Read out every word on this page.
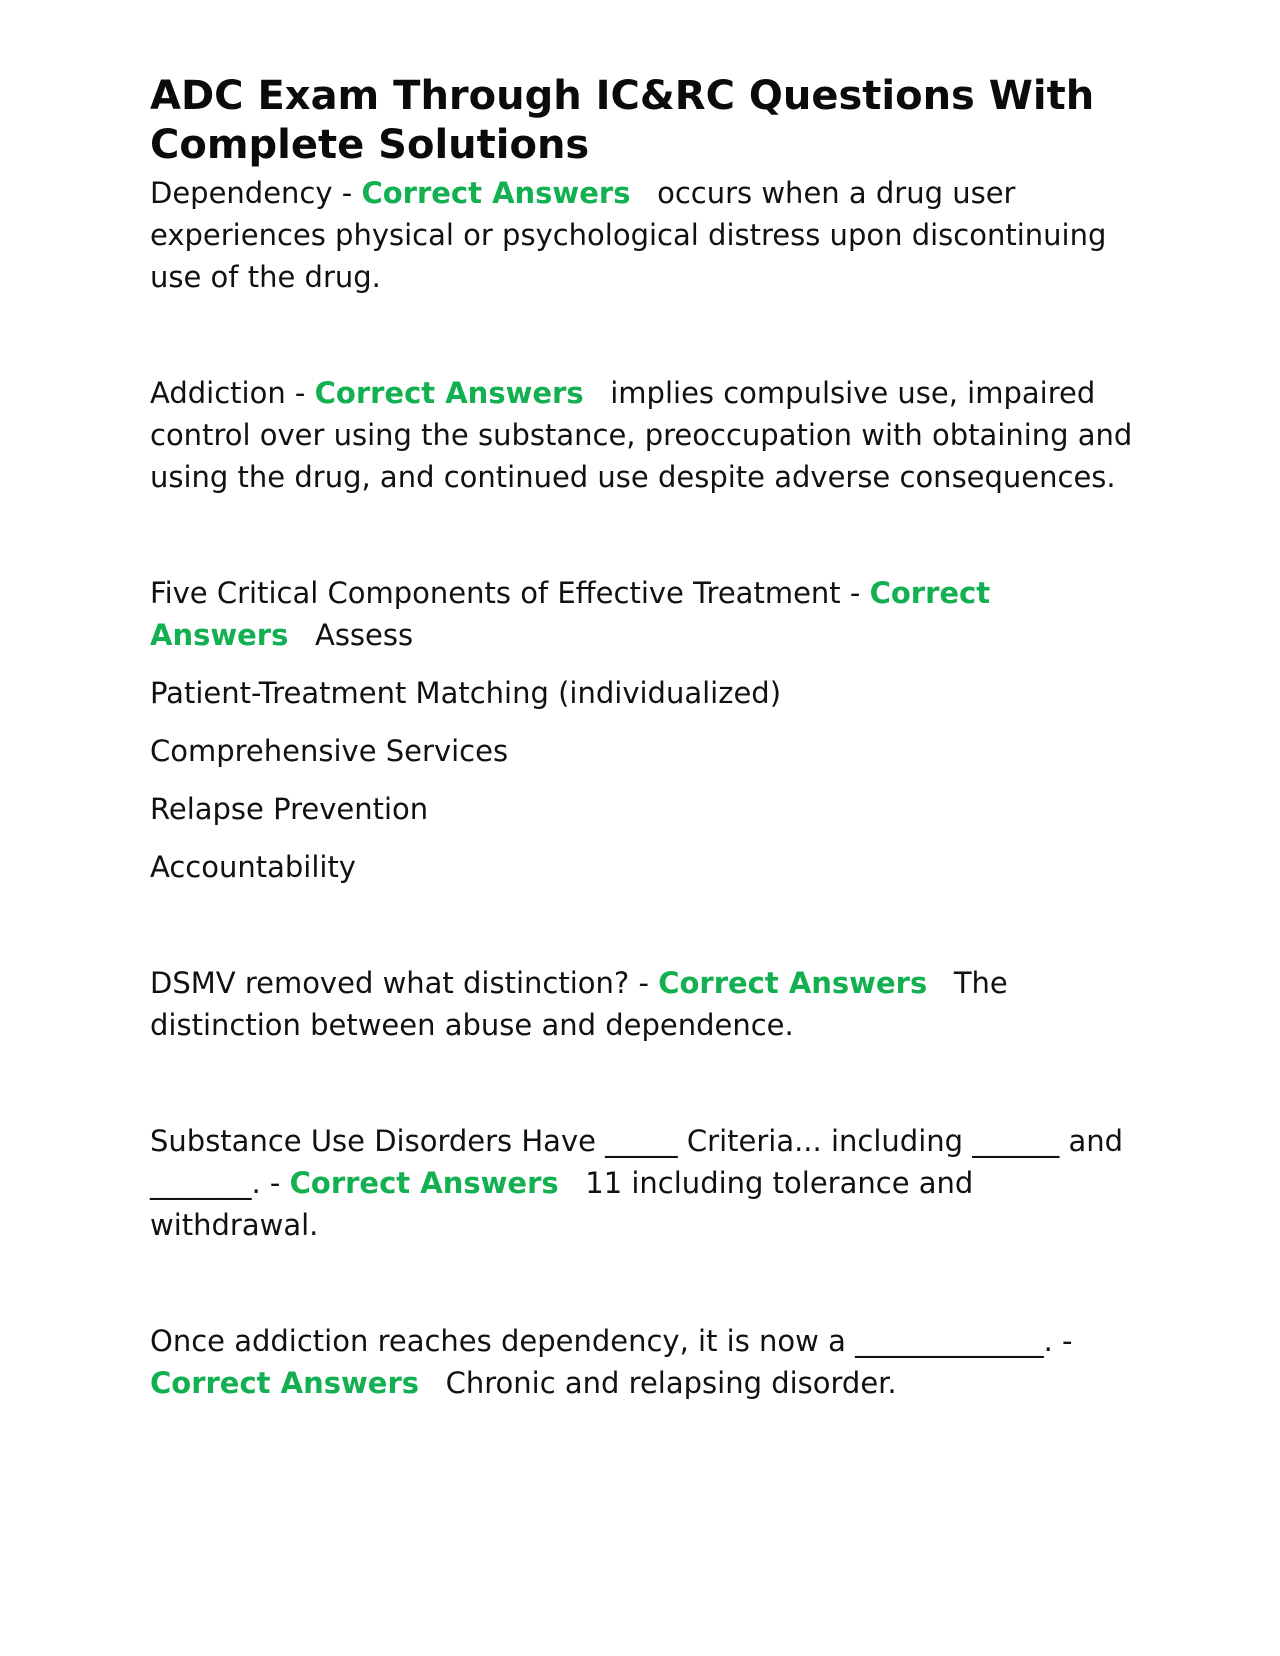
ADC Exam Through IC&RC Questions With Complete Solutions

Dependency - Correct Answers occurs when a drug user experiences physical or psychological distress upon discontinuing use of the drug.

Addiction - Correct Answers implies compulsive use, impaired control over using the substance, preoccupation with obtaining and using the drug, and continued use despite adverse consequences.

Five Critical Components of Effective Treatment - Correct Answers Assess

Patient-Treatment Matching (individualized)

Comprehensive Services

Relapse Prevention

Accountability

DSMV removed what distinction? - Correct Answers The distinction between abuse and dependence.

Substance Use Disorders Have _____ Criteria... including ______ and _______. - Correct Answers 11 including tolerance and withdrawal.

Once addiction reaches dependency, it is now a _____________. - Correct Answers Chronic and relapsing disorder.
